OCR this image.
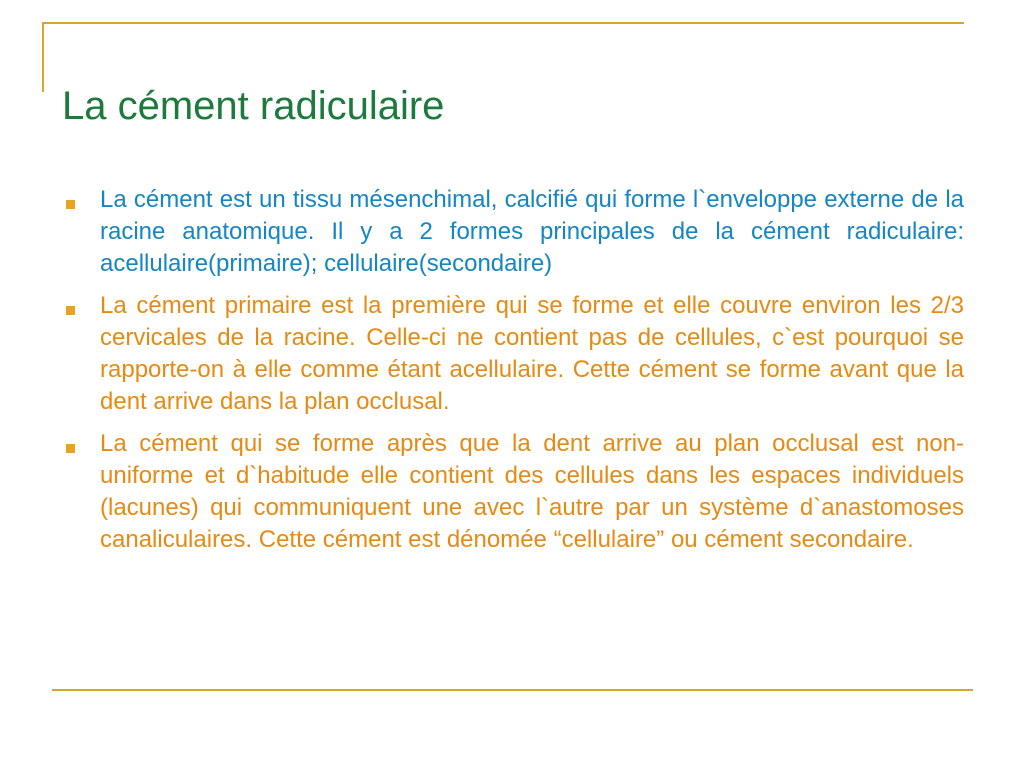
La cément radiculaire
La cément est un tissu mésenchimal, calcifié qui forme l`enveloppe externe de la racine anatomique. Il y a 2 formes principales de la cément radiculaire: acellulaire(primaire); cellulaire(secondaire)
La cément primaire est la première qui se forme et elle couvre environ les 2/3 cervicales de la racine. Celle-ci ne contient pas de cellules, c`est pourquoi se rapporte-on à elle comme étant acellulaire. Cette cément se forme avant que la dent arrive dans la plan occlusal.
La cément qui se forme après que la dent arrive au plan occlusal est non-uniforme et d`habitude elle contient des cellules dans les espaces individuels (lacunes) qui communiquent une avec l`autre par un système d`anastomoses canaliculaires. Cette cément est dénomée “cellulaire” ou cément secondaire.
